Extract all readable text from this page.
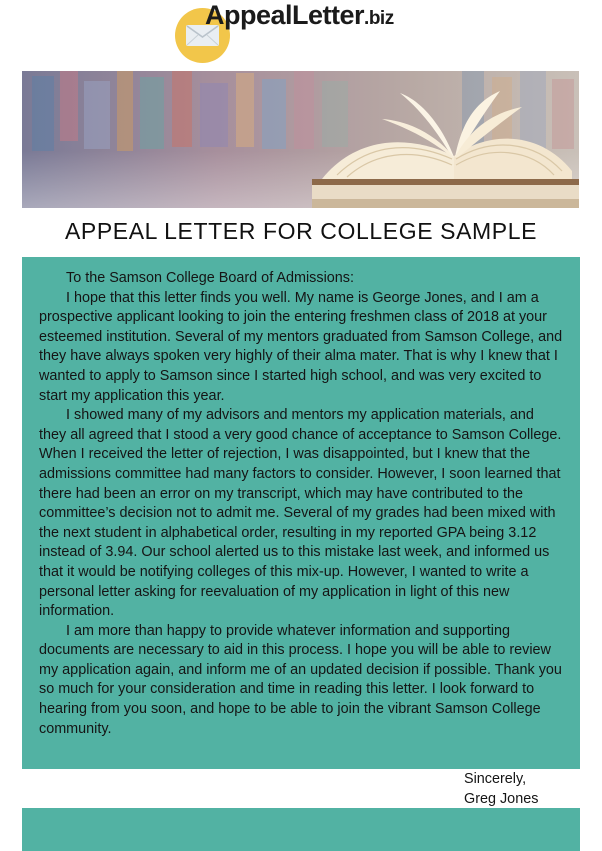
AppealLetter.biz
APPEAL LETTER FOR COLLEGE SAMPLE

To the Samson College Board of Admissions:

I hope that this letter finds you well. My name is George Jones, and I am a prospective applicant looking to join the entering freshmen class of 2018 at your esteemed institution. Several of my mentors graduated from Samson College, and they have always spoken very highly of their alma mater. That is why I knew that I wanted to apply to Samson since I started high school, and was very excited to start my application this year.

I showed many of my advisors and mentors my application materials, and they all agreed that I stood a very good chance of acceptance to Samson College. When I received the letter of rejection, I was disappointed, but I knew that the admissions committee had many factors to consider. However, I soon learned that there had been an error on my transcript, which may have contributed to the committee’s decision not to admit me. Several of my grades had been mixed with the next student in alphabetical order, resulting in my reported GPA being 3.12 instead of 3.94. Our school alerted us to this mistake last week, and informed us that it would be notifying colleges of this mix-up. However, I wanted to write a personal letter asking for reevaluation of my application in light of this new information.

I am more than happy to provide whatever information and supporting documents are necessary to aid in this process. I hope you will be able to review my application again, and inform me of an updated decision if possible. Thank you so much for your consideration and time in reading this letter. I look forward to hearing from you soon, and hope to be able to join the vibrant Samson College community.

Sincerely,
Greg Jones
